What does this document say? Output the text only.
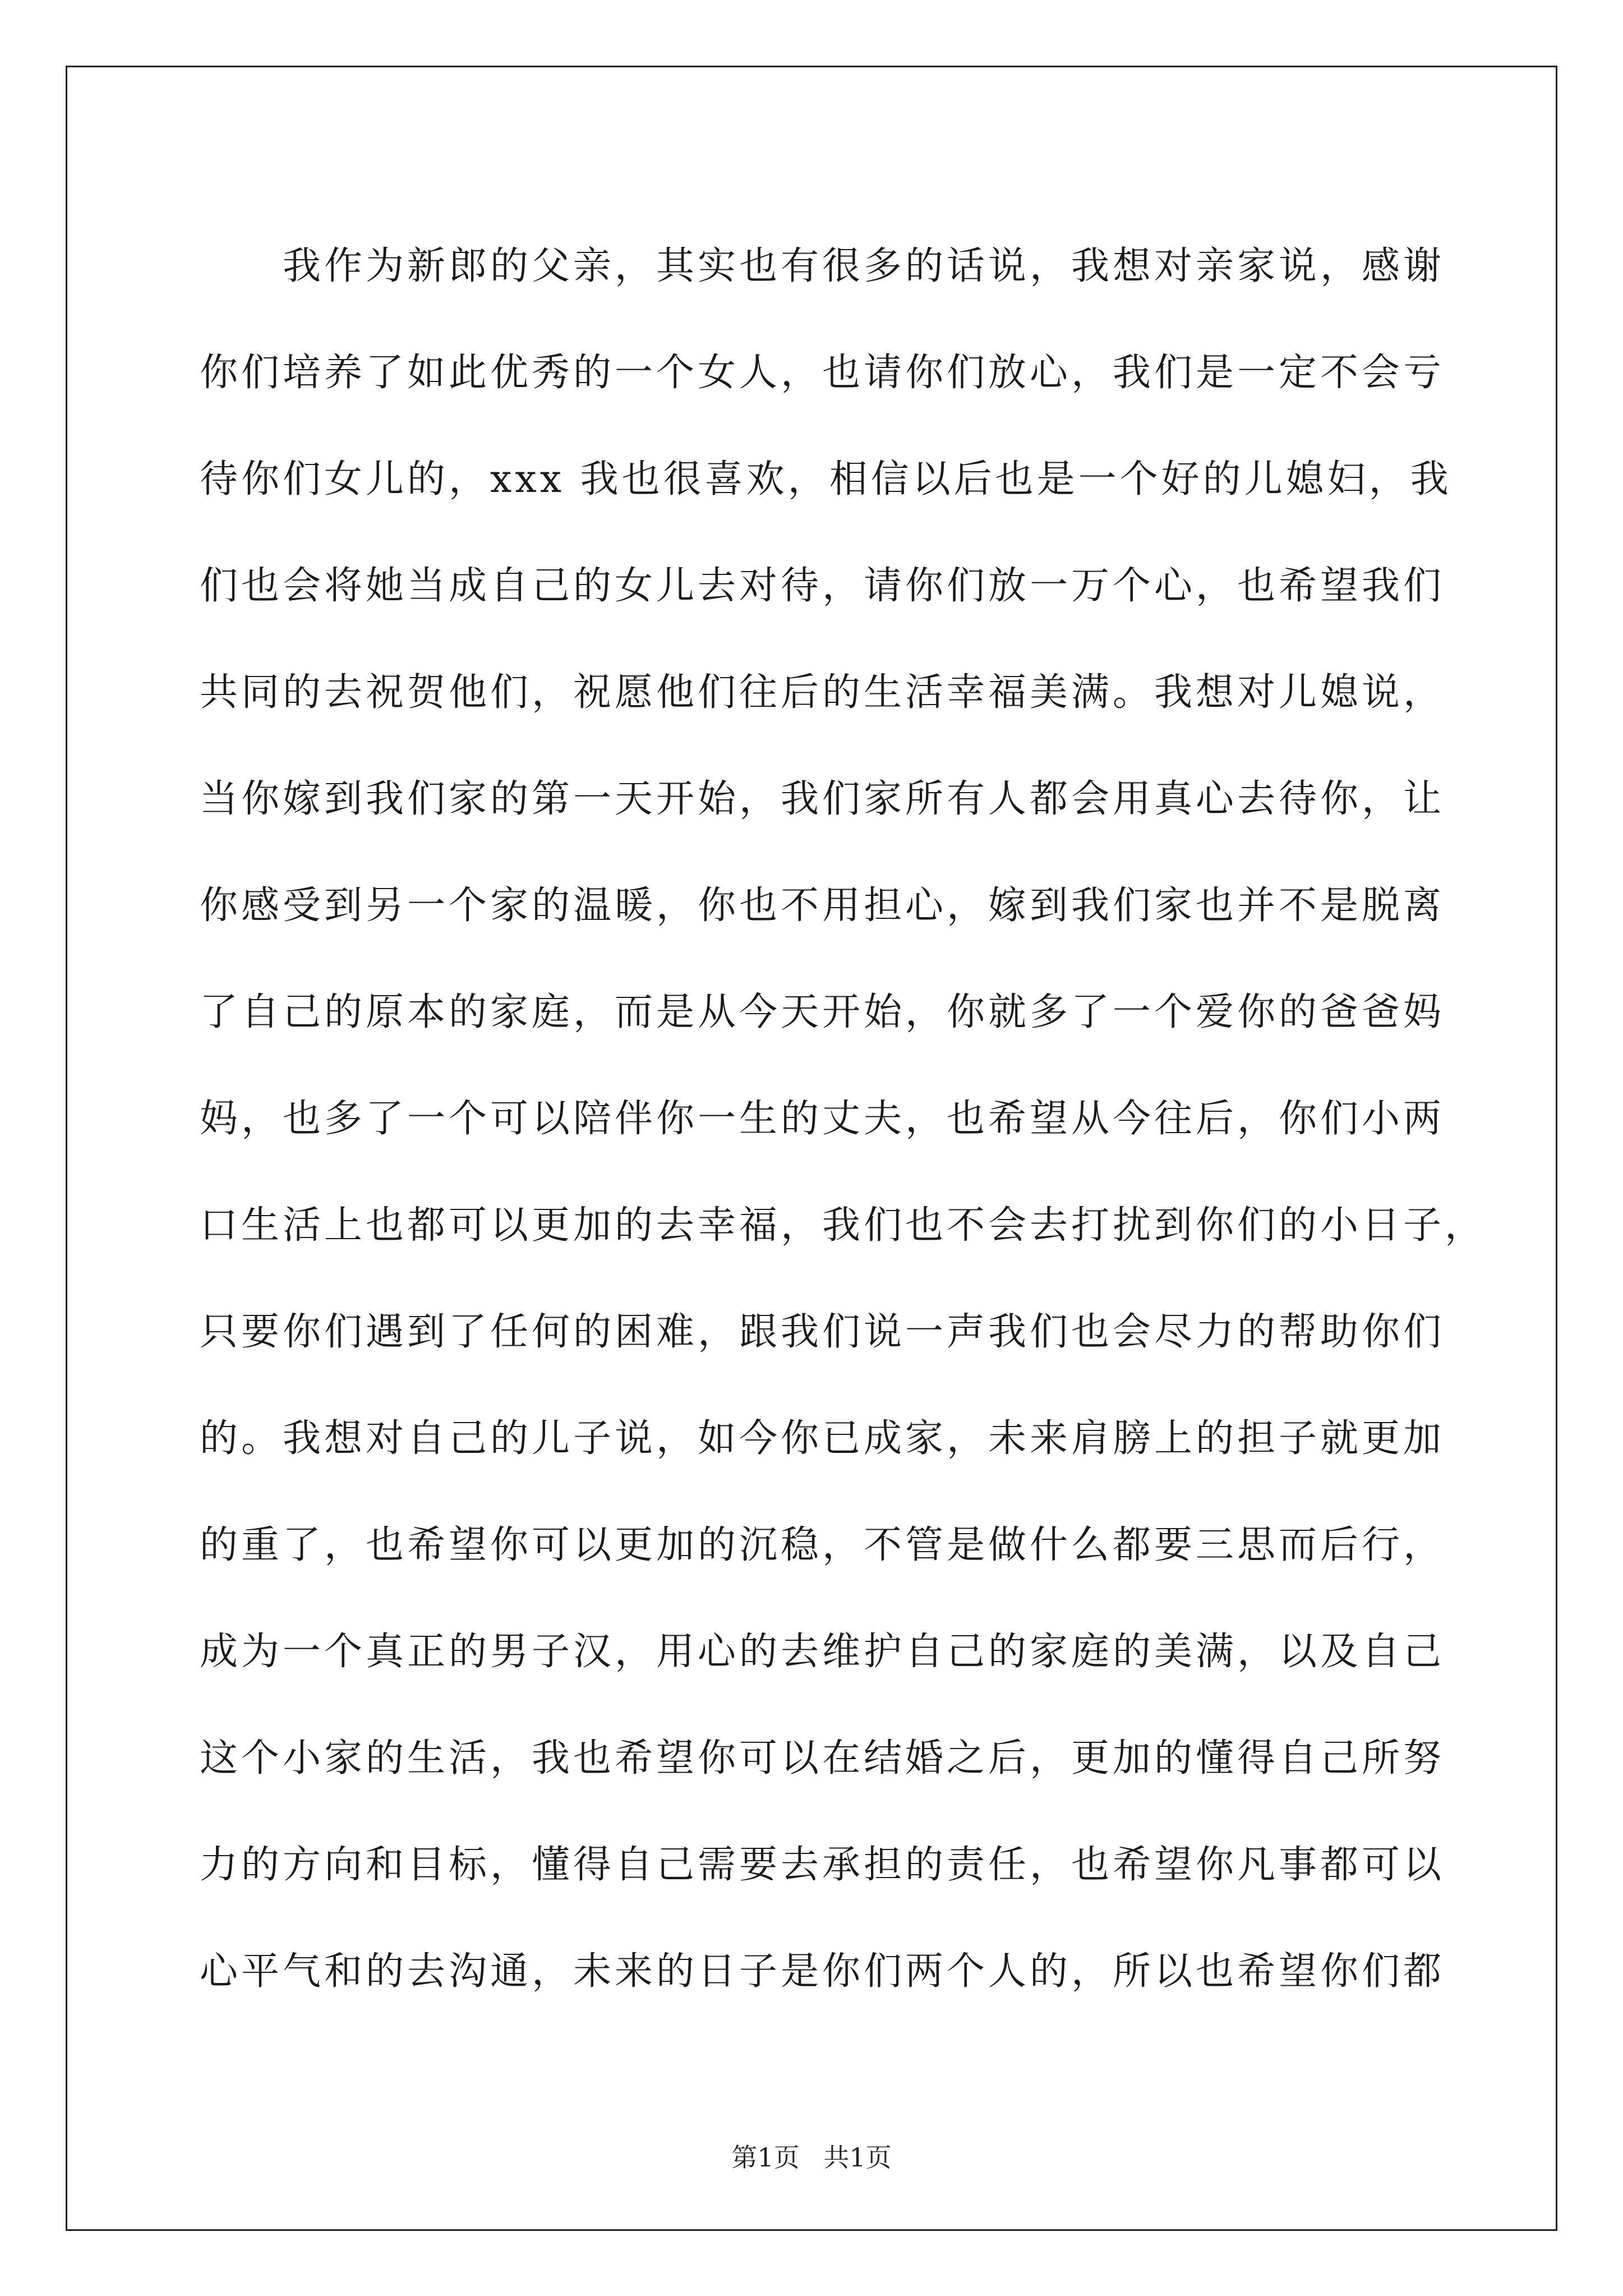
　　我作为新郎的父亲，其实也有很多的话说，我想对亲家说，感谢
你们培养了如此优秀的一个女人，也请你们放心，我们是一定不会亏
待你们女儿的，xxx 我也很喜欢，相信以后也是一个好的儿媳妇，我
们也会将她当成自己的女儿去对待，请你们放一万个心，也希望我们
共同的去祝贺他们，祝愿他们往后的生活幸福美满。我想对儿媳说，
当你嫁到我们家的第一天开始，我们家所有人都会用真心去待你，让
你感受到另一个家的温暖，你也不用担心，嫁到我们家也并不是脱离
了自己的原本的家庭，而是从今天开始，你就多了一个爱你的爸爸妈
妈，也多了一个可以陪伴你一生的丈夫，也希望从今往后，你们小两
口生活上也都可以更加的去幸福，我们也不会去打扰到你们的小日子，
只要你们遇到了任何的困难，跟我们说一声我们也会尽力的帮助你们
的。我想对自己的儿子说，如今你已成家，未来肩膀上的担子就更加
的重了，也希望你可以更加的沉稳，不管是做什么都要三思而后行，
成为一个真正的男子汉，用心的去维护自己的家庭的美满，以及自己
这个小家的生活，我也希望你可以在结婚之后，更加的懂得自己所努
力的方向和目标，懂得自己需要去承担的责任，也希望你凡事都可以
心平气和的去沟通，未来的日子是你们两个人的，所以也希望你们都
第1页 共1页
